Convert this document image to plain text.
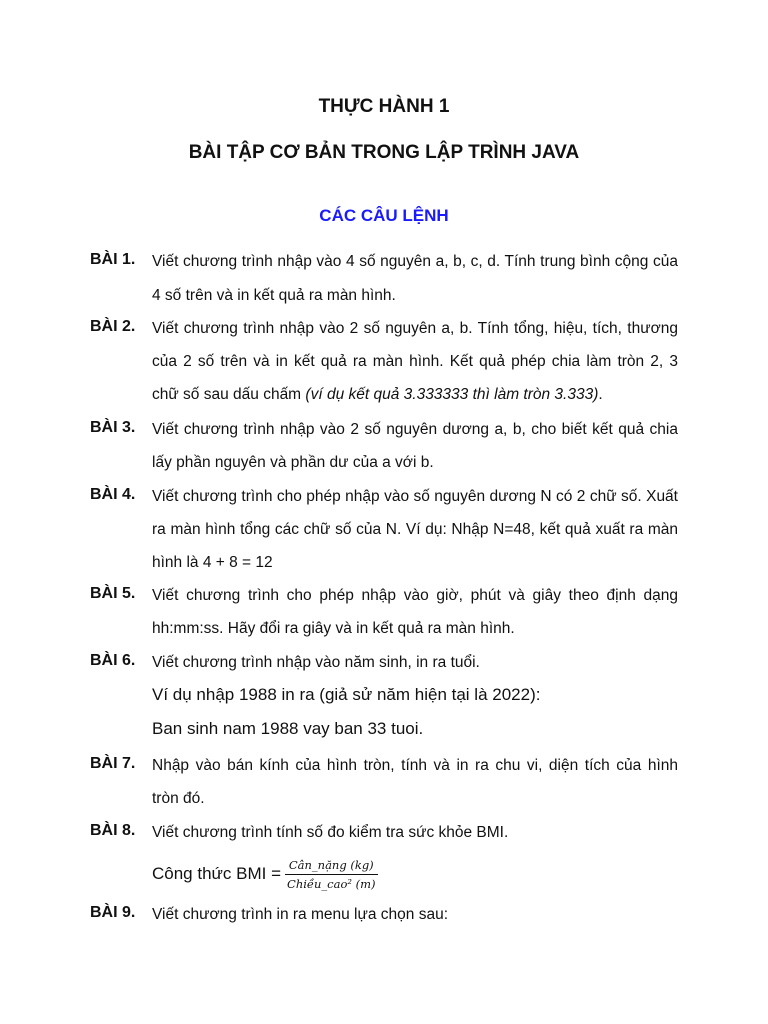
THỰC HÀNH 1
BÀI TẬP CƠ BẢN TRONG LẬP TRÌNH JAVA
CÁC CÂU LỆNH
BÀI 1. Viết chương trình nhập vào 4 số nguyên a, b, c, d. Tính trung bình cộng của
4 số trên và in kết quả ra màn hình.
BÀI 2. Viết chương trình nhập vào 2 số nguyên a, b. Tính tổng, hiệu, tích, thương
của 2 số trên và in kết quả ra màn hình. Kết quả phép chia làm tròn 2, 3
chữ số sau dấu chấm (ví dụ kết quả 3.333333 thì làm tròn 3.333).
BÀI 3. Viết chương trình nhập vào 2 số nguyên dương a, b, cho biết kết quả chia
lấy phần nguyên và phần dư của a với b.
BÀI 4. Viết chương trình cho phép nhập vào số nguyên dương N có 2 chữ số. Xuất
ra màn hình tổng các chữ số của N. Ví dụ: Nhập N=48, kết quả xuất ra màn
hình là 4 + 8 = 12
BÀI 5. Viết chương trình cho phép nhập vào giờ, phút và giây theo định dạng
hh:mm:ss. Hãy đổi ra giây và in kết quả ra màn hình.
BÀI 6. Viết chương trình nhập vào năm sinh, in ra tuổi.
Ví dụ nhập 1988 in ra (giả sử năm hiện tại là 2022):
Ban sinh nam 1988 vay ban 33 tuoi.
BÀI 7. Nhập vào bán kính của hình tròn, tính và in ra chu vi, diện tích của hình
tròn đó.
BÀI 8. Viết chương trình tính số đo kiểm tra sức khỏe BMI.
Công thức BMI = $\frac{\text{Cân\_nặng (kg)}}{\text{Chiều\_cao² (m)}}$
BÀI 9. Viết chương trình in ra menu lựa chọn sau:
